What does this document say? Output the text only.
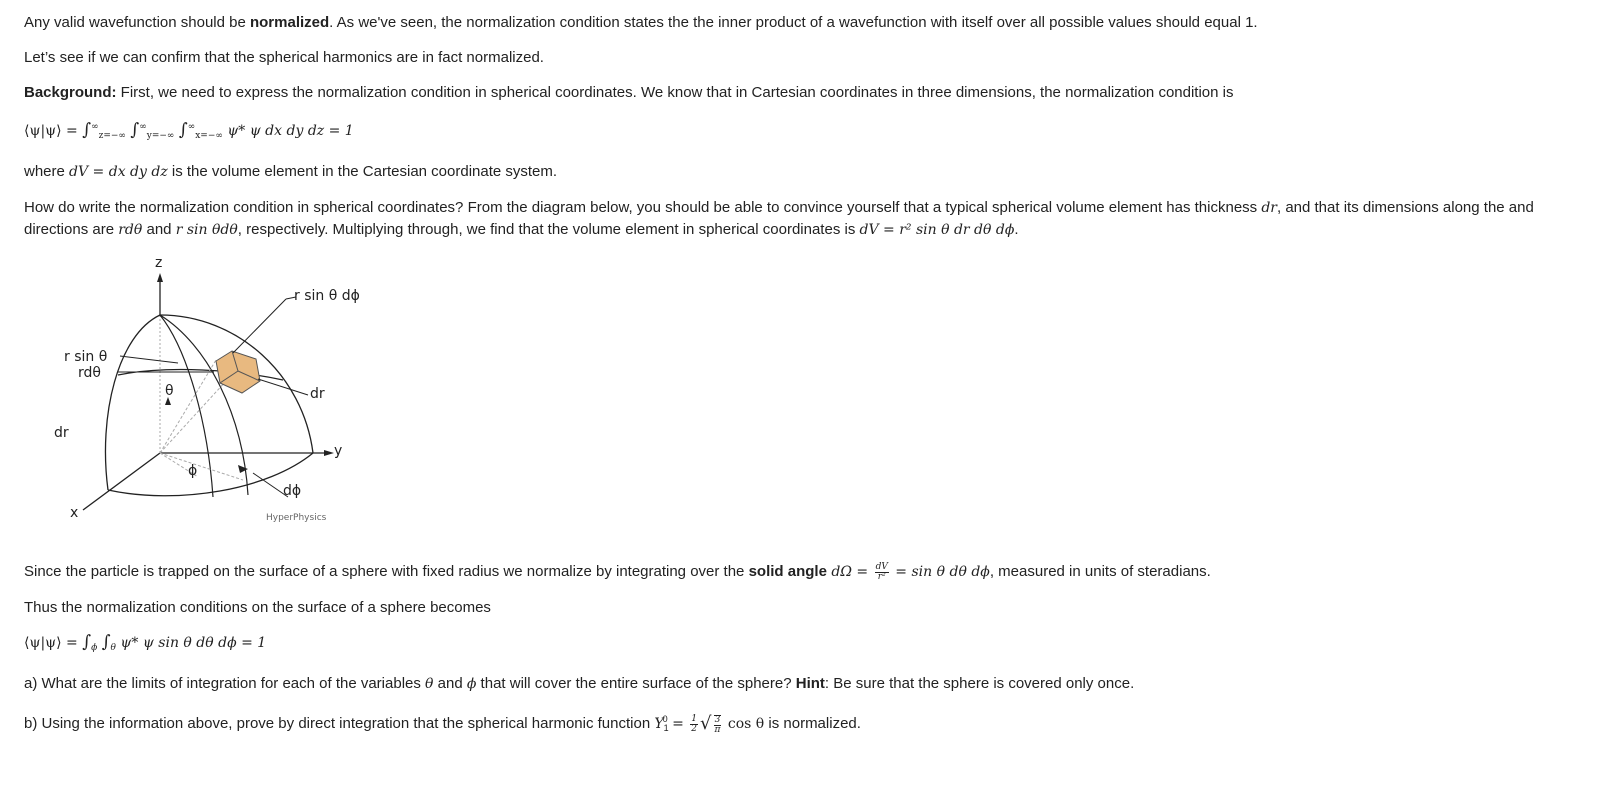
Any valid wavefunction should be normalized. As we've seen, the normalization condition states the the inner product of a wavefunction with itself over all possible values should equal 1.

Let’s see if we can confirm that the spherical harmonics are in fact normalized.

Background: First, we need to express the normalization condition in spherical coordinates. We know that in Cartesian coordinates in three dimensions, the normalization condition is

⟨ψ|ψ⟩ = $\int^\infty_{z=-\infty}$ $\int^\infty_{y=-\infty}$ $\int^\infty_{x=-\infty}$ ψ* ψ dx dy dz = 1

where dV = dx dy dz is the volume element in the Cartesian coordinate system.

How do write the normalization condition in spherical coordinates? From the diagram below, you should be able to convince yourself that a typical spherical volume element has thickness dr, and that its dimensions along the and directions are rdθ and r sin θdθ, respectively. Multiplying through, we find that the volume element in spherical coordinates is dV = r² sin θ dr dθ dϕ.

z
y
x
r sin θ dϕ
r sin θ
rdθ
dr
dr
θ
ϕ
dϕ
HyperPhysics

Since the particle is trapped on the surface of a sphere with fixed radius we normalize by integrating over the solid angle $d\Omega = \frac{dV}{\text{r²}} = \sin \theta$ dθ dϕ, measured in units of steradians.

Thus the normalization conditions on the surface of a sphere becomes

⟨ψ|ψ⟩ = $\int_\phi$ $\int_\theta$ ψ* ψ sin θ dθ dϕ = 1

a) What are the limits of integration for each of the variables θ and ϕ that will cover the entire surface of the sphere? Hint: Be sure that the sphere is covered only once.

b) Using the information above, prove by direct integration that the spherical harmonic function $Y_1^0 = \frac{1}{2}$ √ $\frac{3}{\pi}$ cos θ is normalized.
